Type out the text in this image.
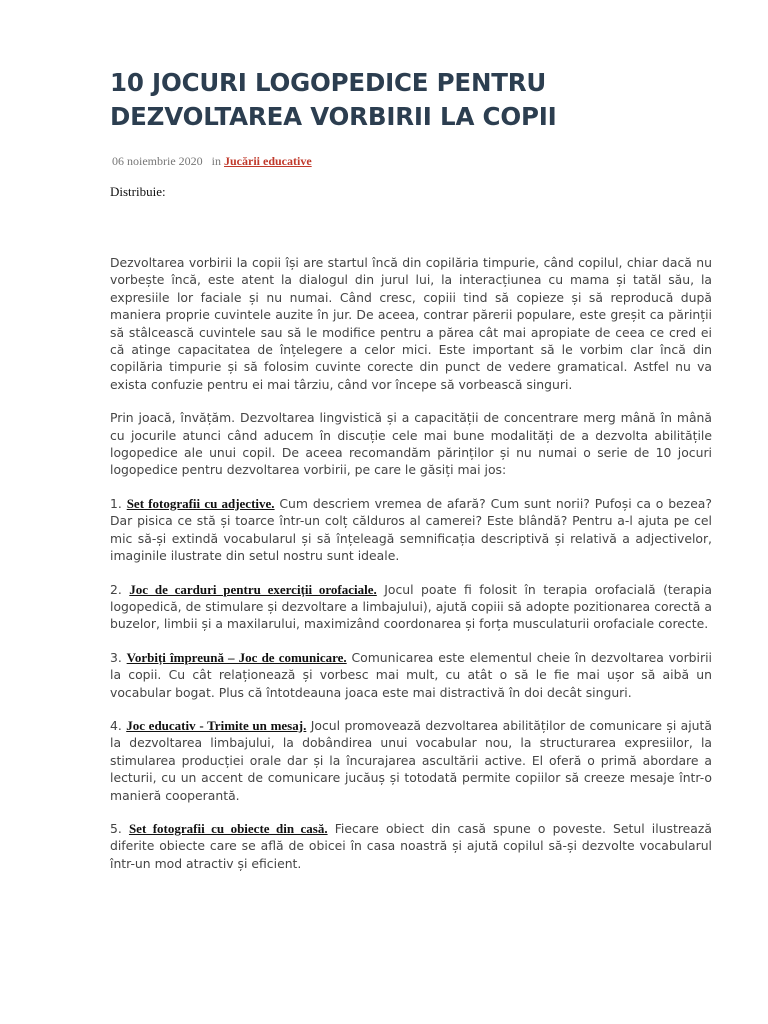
10 JOCURI LOGOPEDICE PENTRU DEZVOLTAREA VORBIRII LA COPII
06 noiembrie 2020 in Jucării educative
Distribuie:

Dezvoltarea vorbirii la copii își are startul încă din copilăria timpurie, când copilul, chiar dacă nu vorbește încă, este atent la dialogul din jurul lui, la interacțiunea cu mama și tatăl său, la expresiile lor faciale și nu numai. Când cresc, copiii tind să copieze și să reproducă după maniera proprie cuvintele auzite în jur. De aceea, contrar părerii populare, este greșit ca părinții să stâlcească cuvintele sau să le modifice pentru a părea cât mai apropiate de ceea ce cred ei că atinge capacitatea de înțelegere a celor mici. Este important să le vorbim clar încă din copilăria timpurie și să folosim cuvinte corecte din punct de vedere gramatical. Astfel nu va exista confuzie pentru ei mai târziu, când vor începe să vorbească singuri.

Prin joacă, învățăm. Dezvoltarea lingvistică și a capacității de concentrare merg mână în mână cu jocurile atunci când aducem în discuție cele mai bune modalități de a dezvolta abilitățile logopedice ale unui copil. De aceea recomandăm părinților și nu numai o serie de 10 jocuri logopedice pentru dezvoltarea vorbirii, pe care le găsiți mai jos:

1. Set fotografii cu adjective. Cum descriem vremea de afară? Cum sunt norii? Pufoși ca o bezea? Dar pisica ce stă și toarce într-un colț călduros al camerei? Este blândă? Pentru a-l ajuta pe cel mic să-și extindă vocabularul și să înțeleagă semnificația descriptivă și relativă a adjectivelor, imaginile ilustrate din setul nostru sunt ideale.

2. Joc de carduri pentru exerciții orofaciale. Jocul poate fi folosit în terapia orofacială (terapia logopedică, de stimulare și dezvoltare a limbajului), ajută copiii să adopte pozitionarea corectă a buzelor, limbii și a maxilarului, maximizând coordonarea și forța musculaturii orofaciale corecte.

3. Vorbiți împreună – Joc de comunicare. Comunicarea este elementul cheie în dezvoltarea vorbirii la copii. Cu cât relaționează și vorbesc mai mult, cu atât o să le fie mai ușor să aibă un vocabular bogat. Plus că întotdeauna joaca este mai distractivă în doi decât singuri.

4. Joc educativ - Trimite un mesaj. Jocul promovează dezvoltarea abilităților de comunicare și ajută la dezvoltarea limbajului, la dobândirea unui vocabular nou, la structurarea expresiilor, la stimularea producției orale dar și la încurajarea ascultării active. El oferă o primă abordare a lecturii, cu un accent de comunicare jucăuș și totodată permite copiilor să creeze mesaje într-o manieră cooperantă.

5. Set fotografii cu obiecte din casă. Fiecare obiect din casă spune o poveste. Setul ilustrează diferite obiecte care se află de obicei în casa noastră și ajută copilul să-și dezvolte vocabularul într-un mod atractiv și eficient.
